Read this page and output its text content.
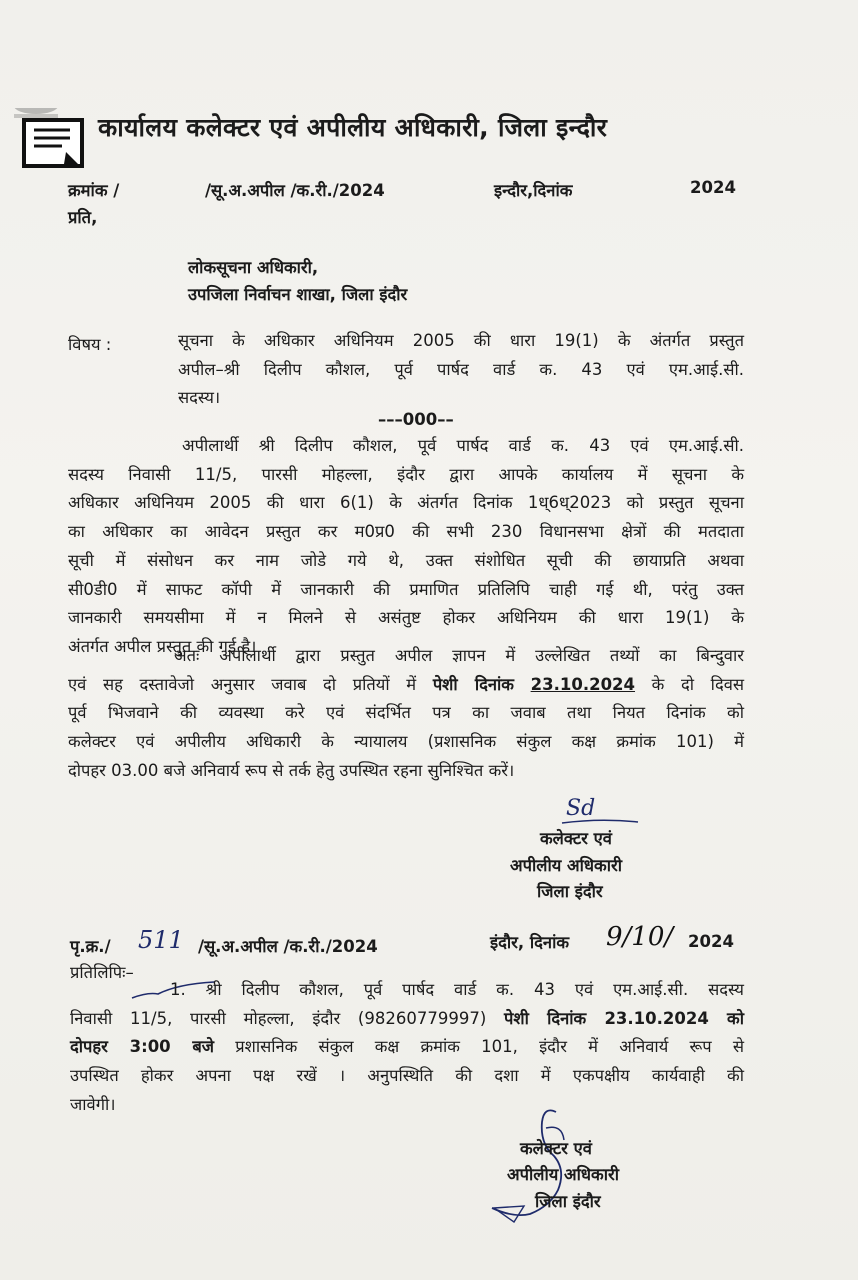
कार्यालय कलेक्टर एवं अपीलीय अधिकारी, जिला इन्दौर
क्रमांक /	/सू.अ.अपील /क.री./2024	इन्दौर,दिनांक	2024
प्रति,
लोकसूचना अधिकारी,
उपजिला निर्वाचन शाखा, जिला इंदौर
विषय :	सूचना के अधिकार अधिनियम 2005 की धारा 19(1) के अंतर्गत प्रस्तुत
अपील–श्री दिलीप कौशल, पूर्व पार्षद वार्ड क. 43 एवं एम.आई.सी.
सदस्य।
–––000––
अपीलार्थी श्री दिलीप कौशल, पूर्व पार्षद वार्ड क. 43 एवं एम.आई.सी.
सदस्य निवासी 11/5, पारसी मोहल्ला, इंदौर द्वारा आपके कार्यालय में सूचना के
अधिकार अधिनियम 2005 की धारा 6(1) के अंतर्गत दिनांक 1ध्6ध्2023 को प्रस्तुत सूचना
का अधिकार का आवेदन प्रस्तुत कर म0प्र0 की सभी 230 विधानसभा क्षेत्रों की मतदाता
सूची में संसोधन कर नाम जोडे गये थे, उक्त संशोधित सूची की छायाप्रति अथवा
सी0डी0 में साफट कॉपी में जानकारी की प्रमाणित प्रतिलिपि चाही गई थी, परंतु उक्त
जानकारी समयसीमा में न मिलने से असंतुष्ट होकर अधिनियम की धारा 19(1) के
अंतर्गत अपील प्रस्तुत की गई है।
अतः अपीलार्थी द्वारा प्रस्तुत अपील ज्ञापन में उल्लेखित तथ्यों का बिन्दुवार
एवं सह दस्तावेजो अनुसार जवाब दो प्रतियों में पेशी दिनांक 23.10.2024 के दो दिवस
पूर्व भिजवाने की व्यवस्था करे एवं संदर्भित पत्र का जवाब तथा नियत दिनांक को
कलेक्टर एवं अपीलीय अधिकारी के न्यायालय (प्रशासनिक संकुल कक्ष क्रमांक 101) में
दोपहर 03.00 बजे अनिवार्य रूप से तर्क हेतु उपस्थित रहना सुनिश्चित करें।
Sd
कलेक्टर एवं
अपीलीय अधिकारी
जिला इंदौर
पृ.क्र./ 511 /सू.अ.अपील /क.री./2024	इंदौर, दिनांक 9/10/ 2024
प्रतिलिपिः–
1. श्री दिलीप कौशल, पूर्व पार्षद वार्ड क. 43 एवं एम.आई.सी. सदस्य
निवासी 11/5, पारसी मोहल्ला, इंदौर (98260779997) पेशी दिनांक 23.10.2024 को
दोपहर 3:00 बजे प्रशासनिक संकुल कक्ष क्रमांक 101, इंदौर में अनिवार्य रूप से
उपस्थित होकर अपना पक्ष रखें । अनुपस्थिति की दशा में एकपक्षीय कार्यवाही की
जावेगी।
कलेक्टर एवं
अपीलीय अधिकारी
जिला इंदौर
